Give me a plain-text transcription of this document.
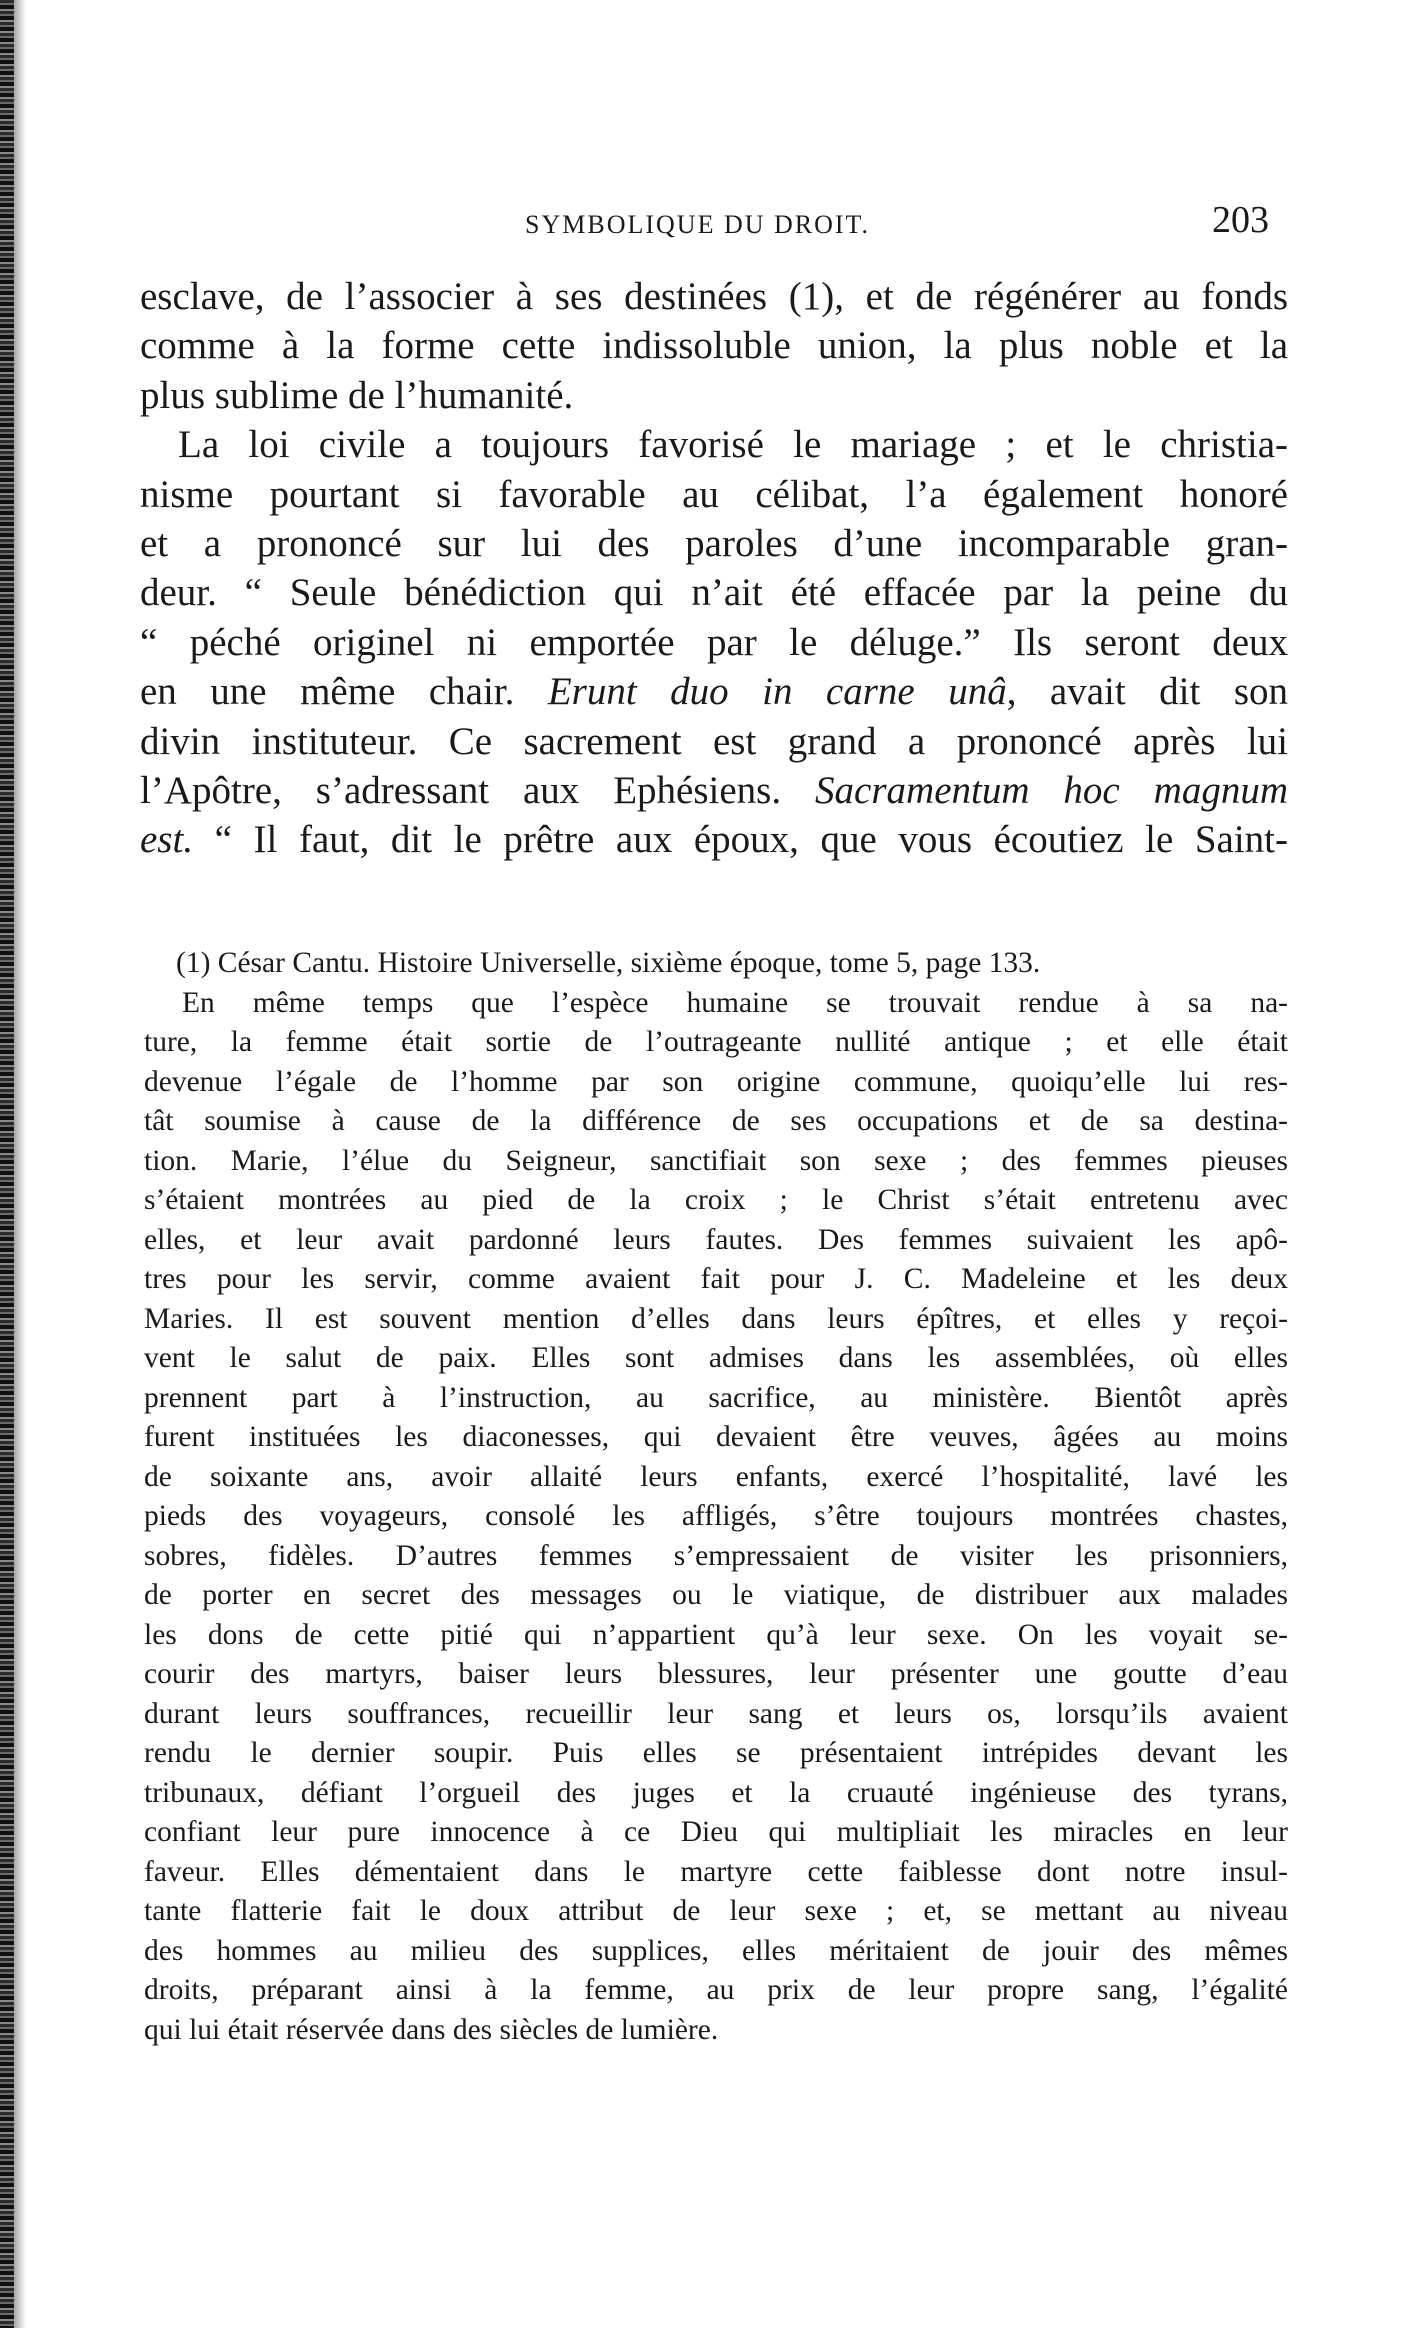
SYMBOLIQUE DU DROIT.	203
esclave, de l’associer à ses destinées (1), et de régénérer au fonds
comme à la forme cette indissoluble union, la plus noble et la
plus sublime de l’humanité.
La loi civile a toujours favorisé le mariage ; et le christia-
nisme pourtant si favorable au célibat, l’a également honoré
et a prononcé sur lui des paroles d’une incomparable gran-
deur. “ Seule bénédiction qui n’ait été effacée par la peine du
“ péché originel ni emportée par le déluge.” Ils seront deux
en une même chair. Erunt duo in carne unâ, avait dit son
divin instituteur. Ce sacrement est grand a prononcé après lui
l’Apôtre, s’adressant aux Ephésiens. Sacramentum hoc magnum
est. “ Il faut, dit le prêtre aux époux, que vous écoutiez le Saint-
(1) César Cantu. Histoire Universelle, sixième époque, tome 5, page 133.
En même temps que l’espèce humaine se trouvait rendue à sa na-
ture, la femme était sortie de l’outrageante nullité antique ; et elle était
devenue l’égale de l’homme par son origine commune, quoiqu’elle lui res-
tât soumise à cause de la différence de ses occupations et de sa destina-
tion. Marie, l’élue du Seigneur, sanctifiait son sexe ; des femmes pieuses
s’étaient montrées au pied de la croix ; le Christ s’était entretenu avec
elles, et leur avait pardonné leurs fautes. Des femmes suivaient les apô-
tres pour les servir, comme avaient fait pour J. C. Madeleine et les deux
Maries. Il est souvent mention d’elles dans leurs épîtres, et elles y reçoi-
vent le salut de paix. Elles sont admises dans les assemblées, où elles
prennent part à l’instruction, au sacrifice, au ministère. Bientôt après
furent instituées les diaconesses, qui devaient être veuves, âgées au moins
de soixante ans, avoir allaité leurs enfants, exercé l’hospitalité, lavé les
pieds des voyageurs, consolé les affligés, s’être toujours montrées chastes,
sobres, fidèles. D’autres femmes s’empressaient de visiter les prisonniers,
de porter en secret des messages ou le viatique, de distribuer aux malades
les dons de cette pitié qui n’appartient qu’à leur sexe. On les voyait se-
courir des martyrs, baiser leurs blessures, leur présenter une goutte d’eau
durant leurs souffrances, recueillir leur sang et leurs os, lorsqu’ils avaient
rendu le dernier soupir. Puis elles se présentaient intrépides devant les
tribunaux, défiant l’orgueil des juges et la cruauté ingénieuse des tyrans,
confiant leur pure innocence à ce Dieu qui multipliait les miracles en leur
faveur. Elles démentaient dans le martyre cette faiblesse dont notre insul-
tante flatterie fait le doux attribut de leur sexe ; et, se mettant au niveau
des hommes au milieu des supplices, elles méritaient de jouir des mêmes
droits, préparant ainsi à la femme, au prix de leur propre sang, l’égalité
qui lui était réservée dans des siècles de lumière.
